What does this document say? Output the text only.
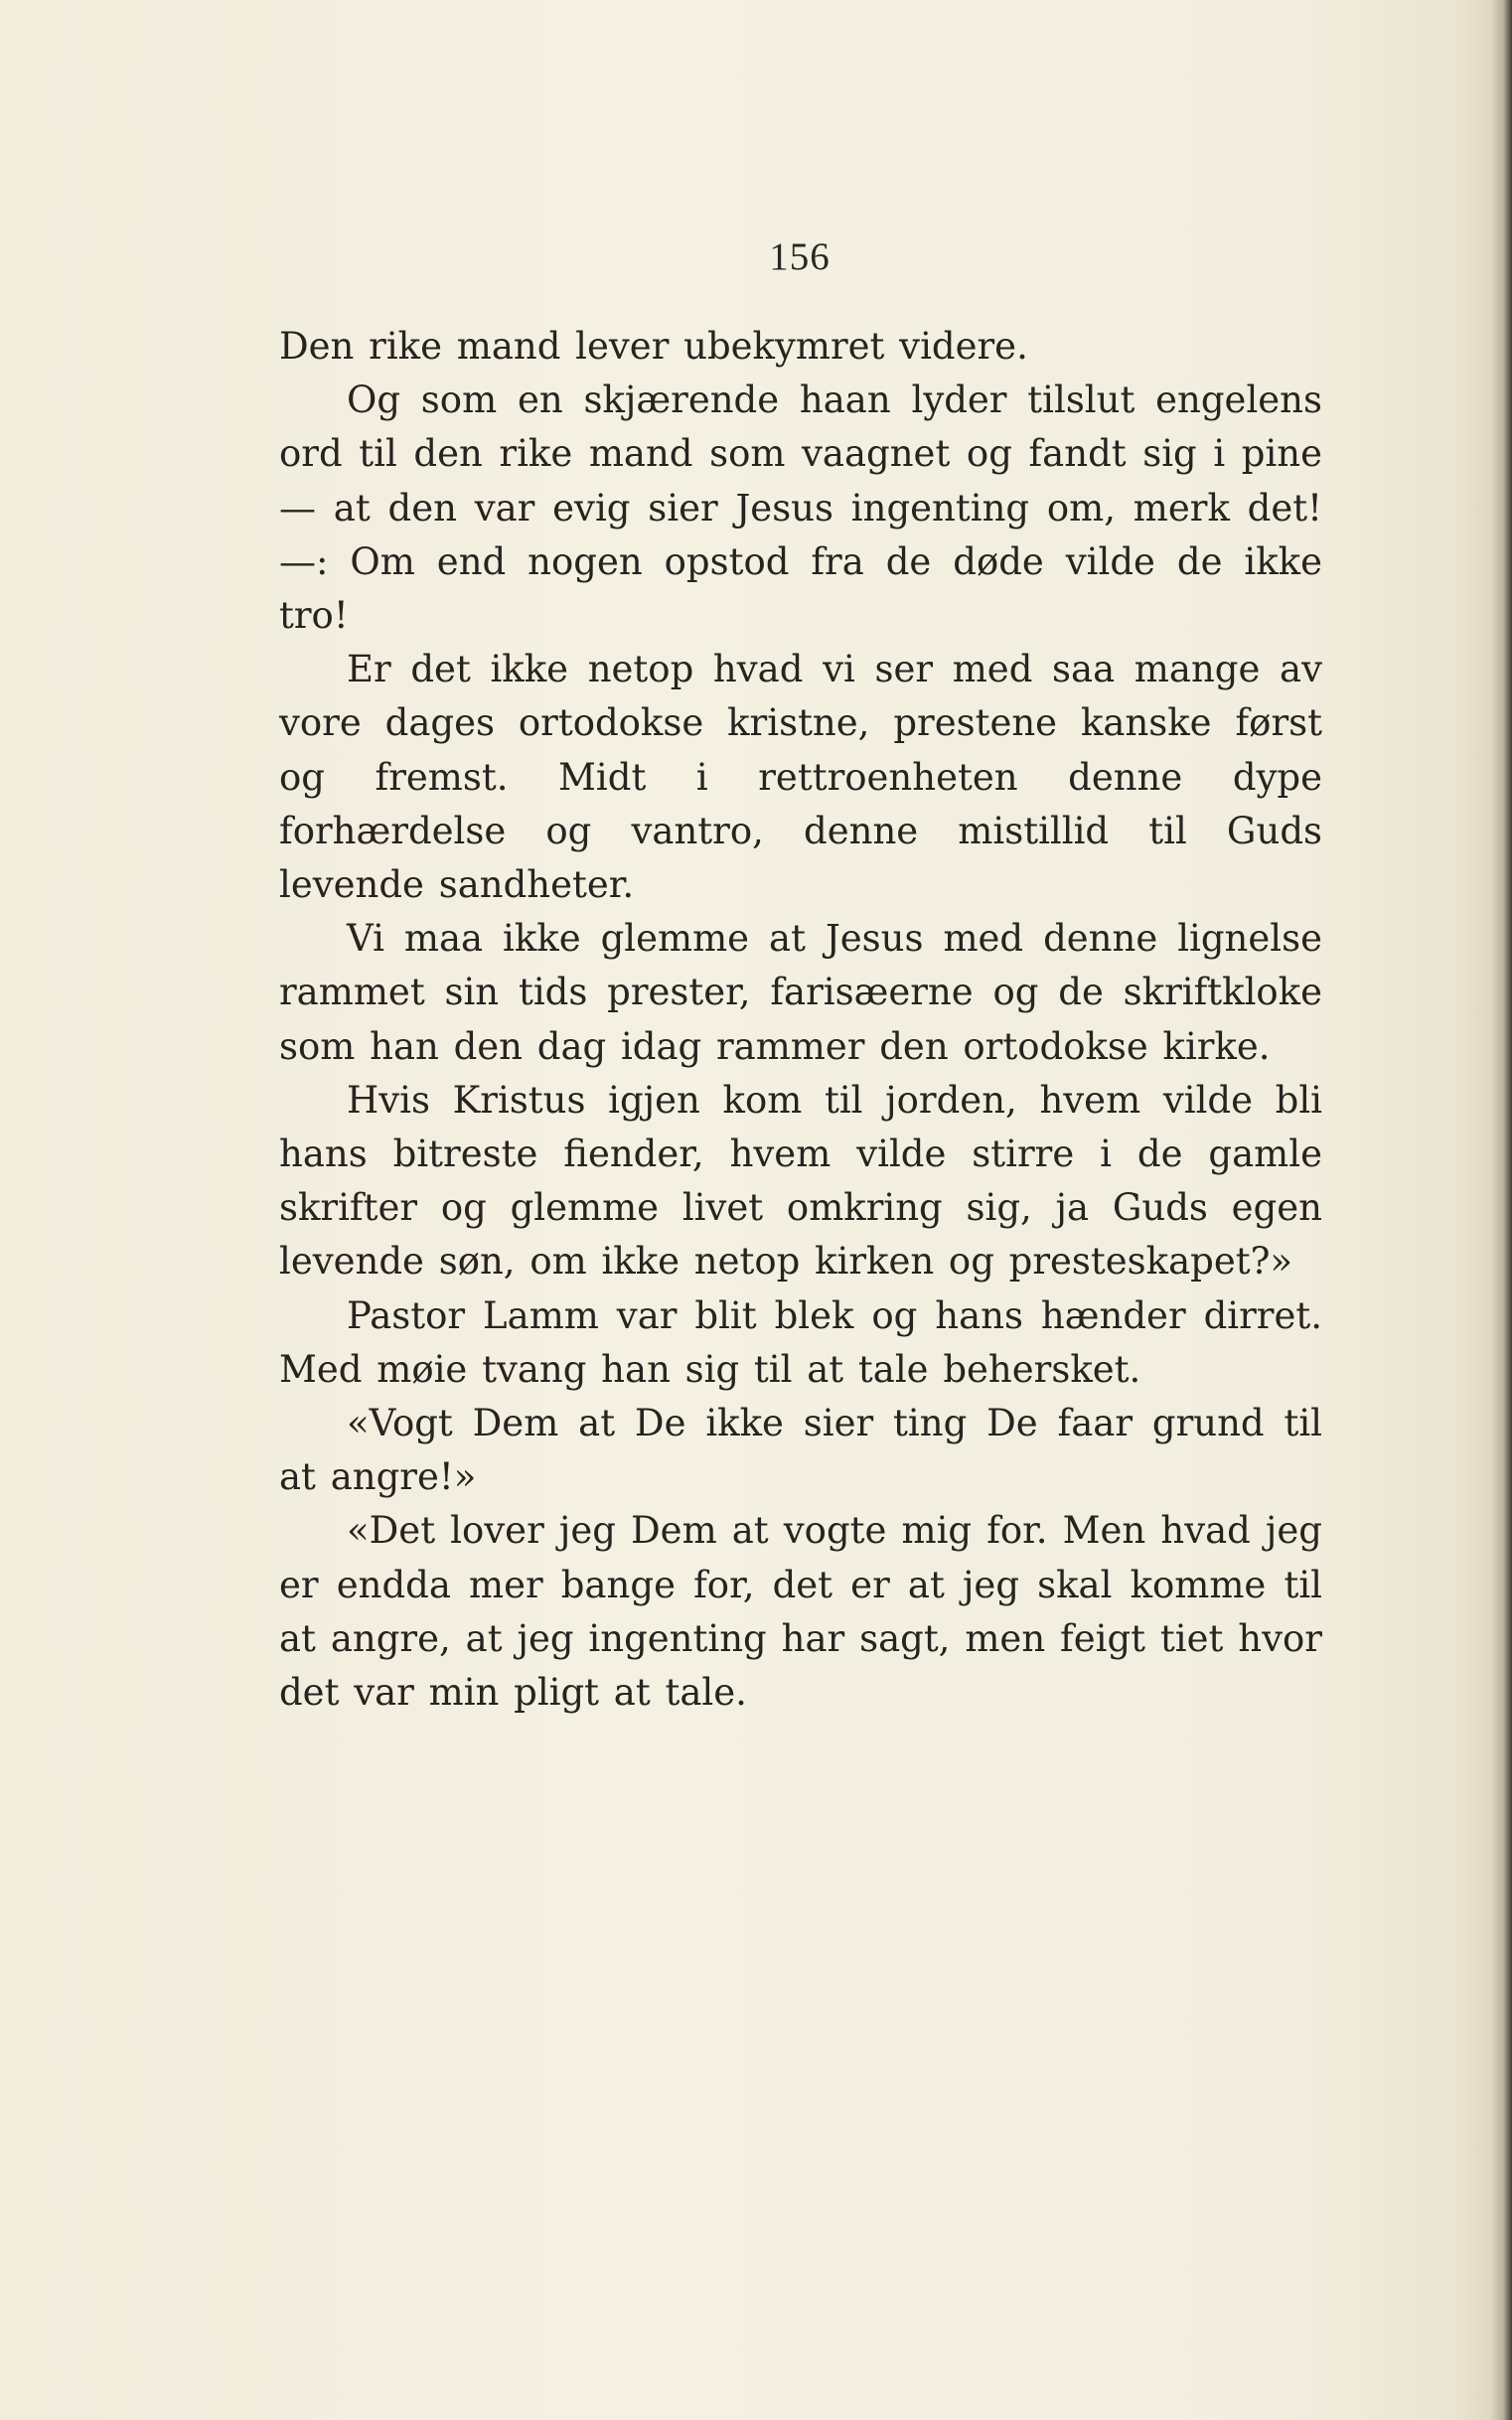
156

Den rike mand lever ubekymret videre.

Og som en skjærende haan lyder tilslut engelens ord til den rike mand som vaagnet og fandt sig i pine — at den var evig sier Jesus ingenting om, merk det! —: Om end nogen opstod fra de døde vilde de ikke tro!

Er det ikke netop hvad vi ser med saa mange av vore dages ortodokse kristne, prestene kanske først og fremst. Midt i rettroenheten denne dype forhærdelse og vantro, denne mistillid til Guds levende sandheter.

Vi maa ikke glemme at Jesus med denne lignelse rammet sin tids prester, farisæerne og de skriftkloke som han den dag idag rammer den ortodokse kirke.

Hvis Kristus igjen kom til jorden, hvem vilde bli hans bitreste fiender, hvem vilde stirre i de gamle skrifter og glemme livet omkring sig, ja Guds egen levende søn, om ikke netop kirken og presteskapet?»

Pastor Lamm var blit blek og hans hænder dirret. Med møie tvang han sig til at tale behersket.

«Vogt Dem at De ikke sier ting De faar grund til at angre!»

«Det lover jeg Dem at vogte mig for. Men hvad jeg er endda mer bange for, det er at jeg skal komme til at angre, at jeg ingenting har sagt, men feigt tiet hvor det var min pligt at tale.
